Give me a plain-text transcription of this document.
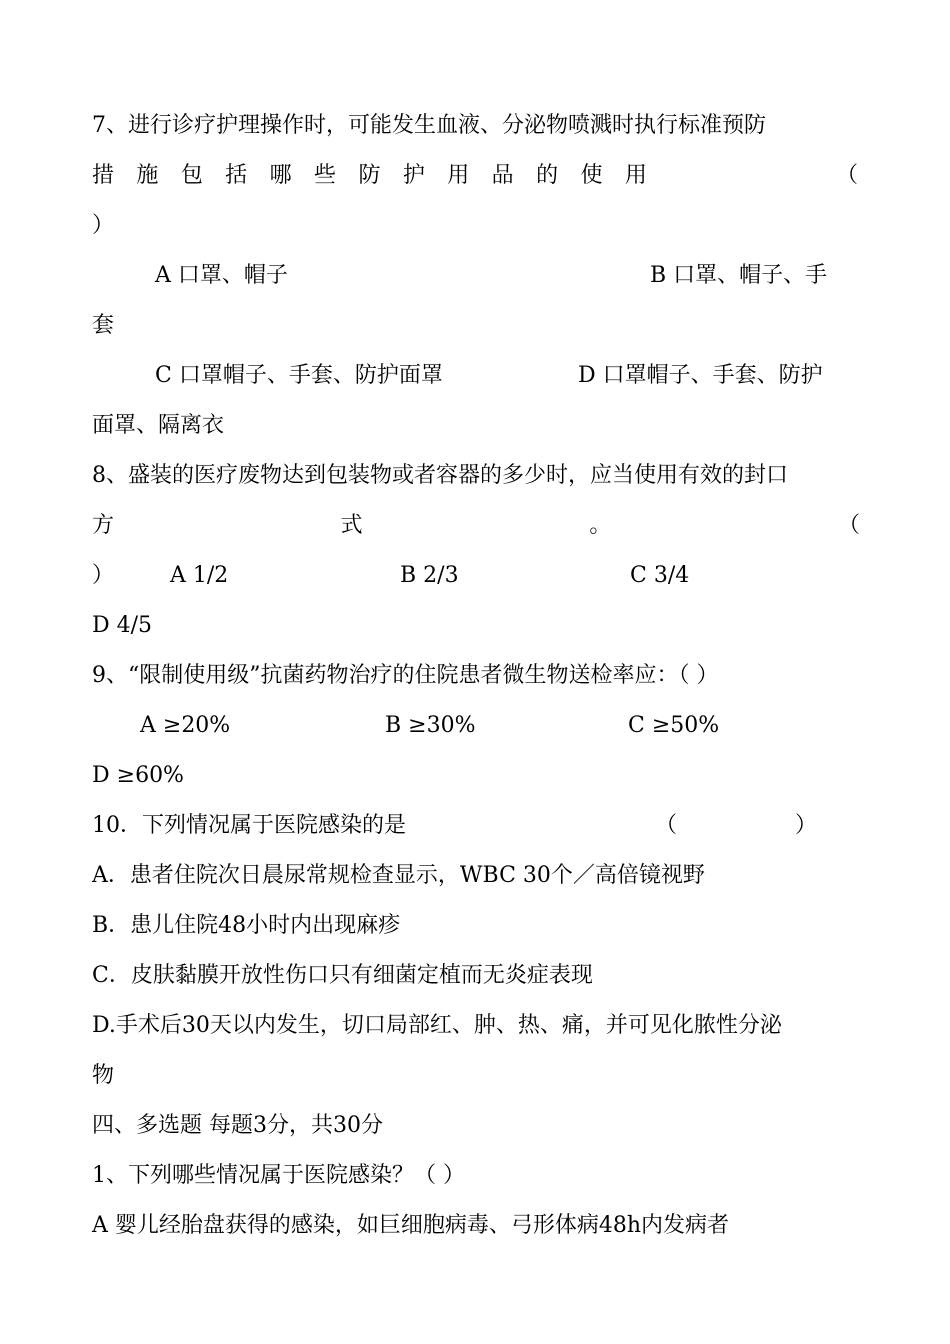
7、进行诊疗护理操作时，可能发生血液、分泌物喷溅时执行标准预防
措 施 包 括 哪 些 防 护 用 品 的 使 用	（
）
A 口罩、帽子	B 口罩、帽子、手
套
C 口罩帽子、手套、防护面罩	D 口罩帽子、手套、防护
面罩、隔离衣
8、盛装的医疗废物达到包装物或者容器的多少时，应当使用有效的封口
方	式	。	（
）	A 1/2	B 2/3	C 3/4
D 4/5
9、“限制使用级”抗菌药物治疗的住院患者微生物送检率应：（ ）
A ≥20%	B ≥30%	C ≥50%
D ≥60%
10．下列情况属于医院感染的是	（	）
A．患者住院次日晨尿常规检查显示，WBC 30个／高倍镜视野
B．患儿住院48小时内出现麻疹
C．皮肤黏膜开放性伤口只有细菌定植而无炎症表现
D.手术后30天以内发生，切口局部红、肿、热、痛，并可见化脓性分泌
物
四、多选题 每题3分，共30分
1、下列哪些情况属于医院感染？（ ）
A 婴儿经胎盘获得的感染，如巨细胞病毒、弓形体病48h内发病者
